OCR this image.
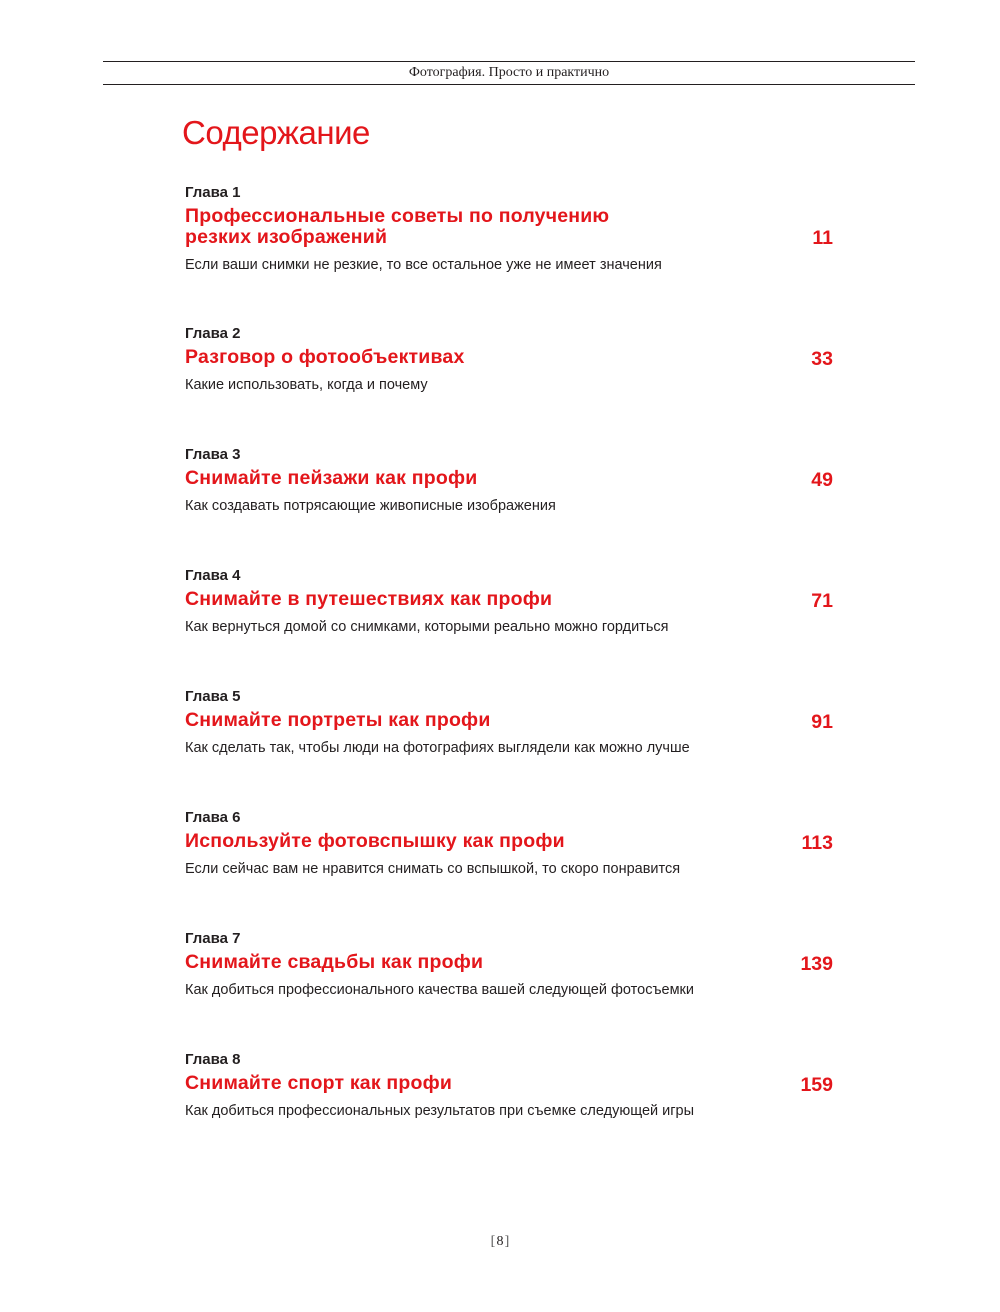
Фотография. Просто и практично
Содержание
Глава 1
Профессиональные советы по получению резких изображений	11
Если ваши снимки не резкие, то все остальное уже не имеет значения
Глава 2
Разговор о фотообъективах	33
Какие использовать, когда и почему
Глава 3
Снимайте пейзажи как профи	49
Как создавать потрясающие живописные изображения
Глава 4
Снимайте в путешествиях как профи	71
Как вернуться домой со снимками, которыми реально можно гордиться
Глава 5
Снимайте портреты как профи	91
Как сделать так, чтобы люди на фотографиях выглядели как можно лучше
Глава 6
Используйте фотовспышку как профи	113
Если сейчас вам не нравится снимать со вспышкой, то скоро понравится
Глава 7
Снимайте свадьбы как профи	139
Как добиться профессионального качества вашей следующей фотосъемки
Глава 8
Снимайте спорт как профи	159
Как добиться профессиональных результатов при съемке следующей игры
[ 8 ]
